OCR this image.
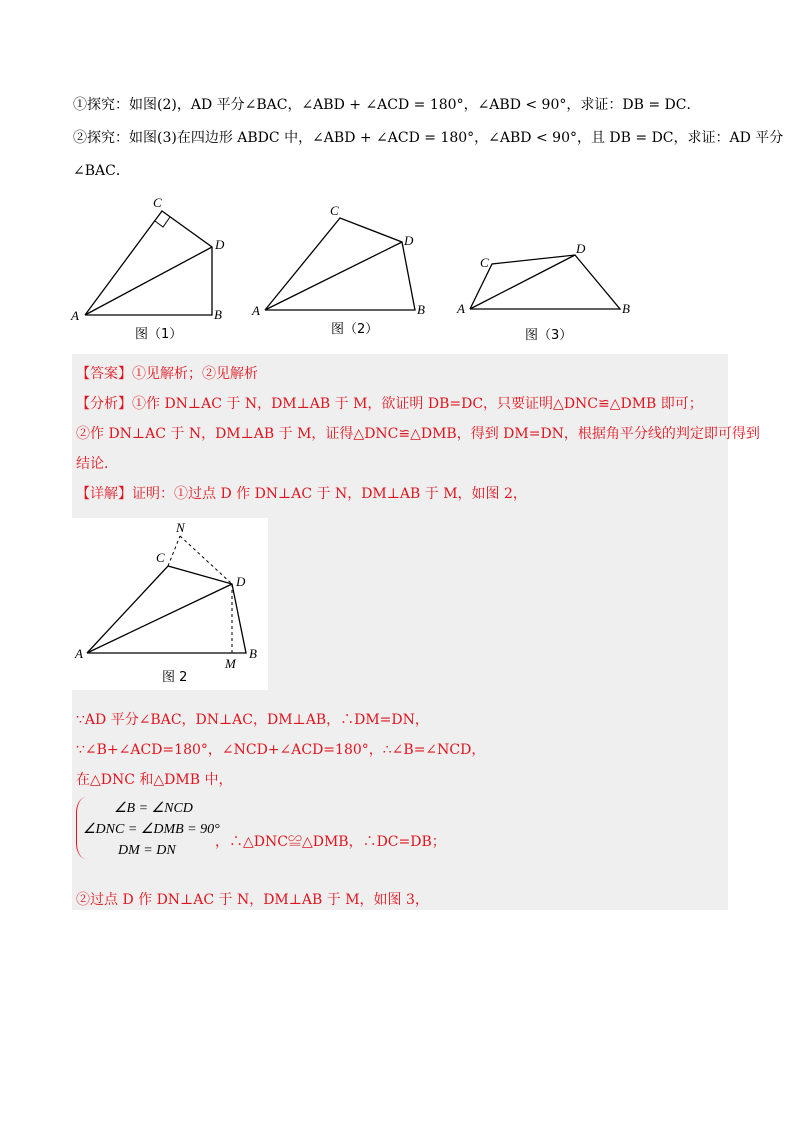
①探究：如图(2)，AD 平分∠BAC，∠ABD + ∠ACD = 180°，∠ABD < 90°，求证：DB = DC．
②探究：如图(3)在四边形 ABDC 中，∠ABD + ∠ACD = 180°，∠ABD < 90°，且 DB = DC，求证：AD 平分
∠BAC．
A	B
C
D
图（1）
A	B
C
D
图（2）
A	B
C
D
图（3）
【答案】①见解析；②见解析
【分析】①作 DN⊥AC 于 N，DM⊥AB 于 M，欲证明 DB=DC，只要证明△DNC≌△DMB 即可；
②作 DN⊥AC 于 N，DM⊥AB 于 M，证得△DNC≌△DMB，得到 DM=DN，根据角平分线的判定即可得到
结论．
【详解】证明：①过点 D 作 DN⊥AC 于 N，DM⊥AB 于 M，如图 2，
A	B
C
D
N
M
图 2
∵AD 平分∠BAC，DN⊥AC，DM⊥AB，∴DM=DN，
∵∠B+∠ACD=180°，∠NCD+∠ACD=180°，∴∠B=∠NCD，
在△DNC 和△DMB 中，
∠B = ∠NCD
∠DNC = ∠DMB = 90°
DM = DN
，∴△DNC≌△DMB，∴DC=DB；
②过点 D 作 DN⊥AC 于 N，DM⊥AB 于 M，如图 3，
